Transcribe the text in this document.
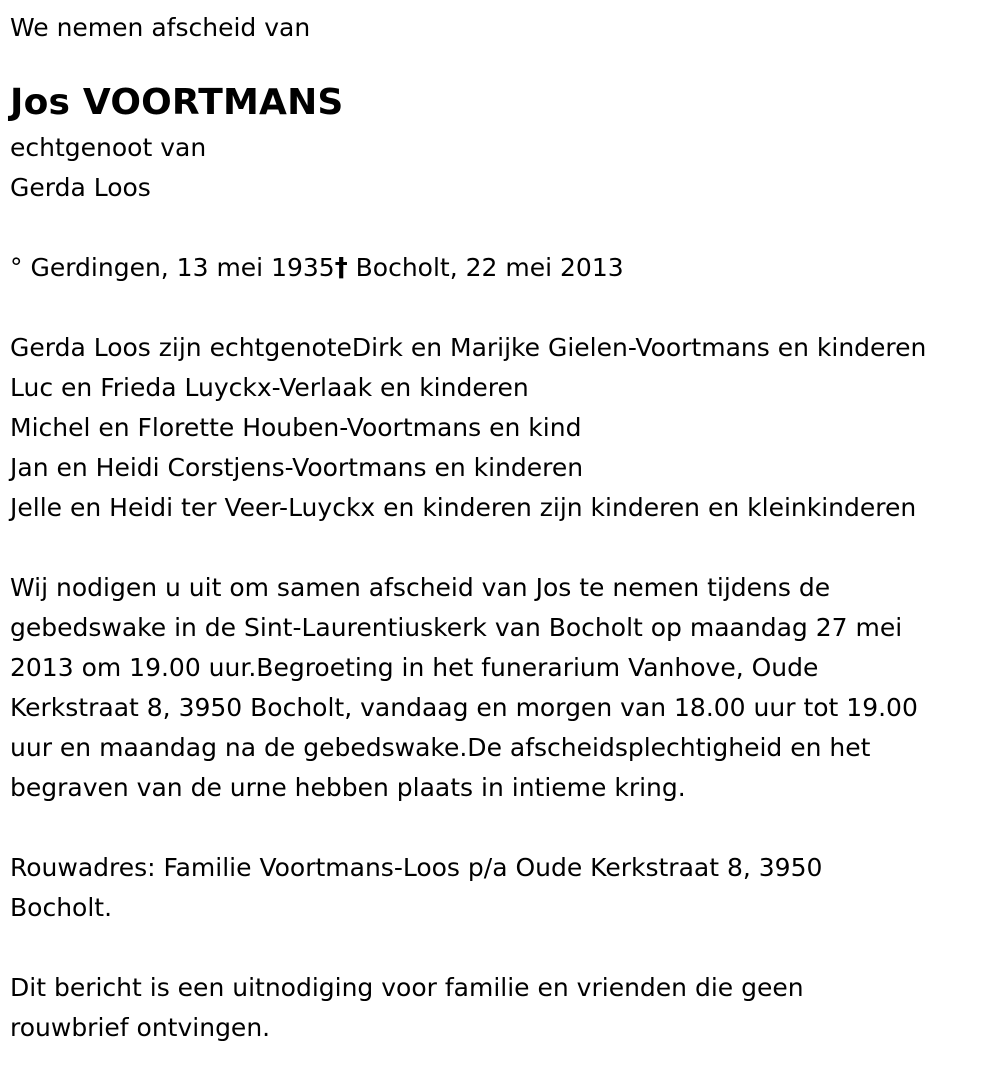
We nemen afscheid van

Jos VOORTMANS

echtgenoot van

Gerda Loos

° Gerdingen, 13 mei 1935† Bocholt, 22 mei 2013

Gerda Loos zijn echtgenoteDirk en Marijke Gielen-Voortmans en kinderen

Luc en Frieda Luyckx-Verlaak en kinderen

Michel en Florette Houben-Voortmans en kind

Jan en Heidi Corstjens-Voortmans en kinderen

Jelle en Heidi ter Veer-Luyckx en kinderen zijn kinderen en kleinkinderen

Wij nodigen u uit om samen afscheid van Jos te nemen tijdens de

gebedswake in de Sint-Laurentiuskerk van Bocholt op maandag 27 mei

2013 om 19.00 uur.Begroeting in het funerarium Vanhove, Oude

Kerkstraat 8, 3950 Bocholt, vandaag en morgen van 18.00 uur tot 19.00

uur en maandag na de gebedswake.De afscheidsplechtigheid en het

begraven van de urne hebben plaats in intieme kring.

Rouwadres: Familie Voortmans-Loos p/a Oude Kerkstraat 8, 3950

Bocholt.

Dit bericht is een uitnodiging voor familie en vrienden die geen

rouwbrief ontvingen.
